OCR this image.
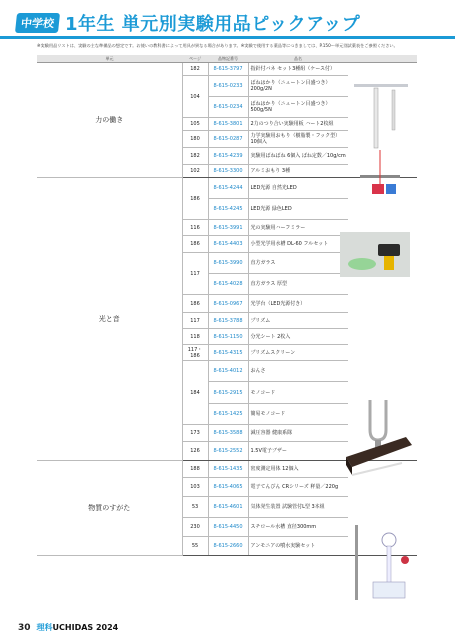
中学校 1年生 単元別実験用品ピックアップ
※実験用品リストは、実験の主な準備品の想定です。お使いの教科書によって用具が異なる場合があります。※実験で使用する薬品等につきましては、P.150～単元別試薬表をご参照ください。
単元	ページ	品物記番号	品名	
力の働き	182	8-615-3797	指針付バネ セット3種組（ケース付）	
	104	8-615-0233	ばねはかり（ニュートン目盛つき）200g/2N	
		8-615-0234	ばねはかり（ニュートン目盛つき）500g/5N	
	105	8-615-3801	2力のつり合い実験用板 ハート2枚組	
	180	8-615-0287	力学実験用おもり（樹脂製・フック型）10個入	
	182	8-615-4239	実験用ばねばね 6個入 ばね定数／10g/cm	
	102	8-615-3300	アルミおもり 3種	
光と音	186	8-615-4244	LED光源 自然光LED	
		8-615-4245	LED光源 緑色LED	
	116	8-615-3991	光の実験用ハーフミラー	
	186	8-615-4403	小型光学用水槽 DL-60 フルセット	
	117	8-615-3990	直方ガラス	
		8-615-4028	直方ガラス 厚型	
	186	8-615-0967	光学台（LED光源付き）	
	117	8-615-3788	プリズム	
	118	8-615-1150	分光シート 2枚入	
	117・186	8-615-4315	プリズムスクリーン	
	184	8-615-4012	おんさ	
		8-615-2915	モノコード	
		8-615-1425	簡易モノコード	
	173	8-615-3588	減圧容器 健康系隊	
	126	8-615-2552	1.5V電子ブザー	
物質のすがた	188	8-615-1435	密度測定用体 12個入	
	103	8-615-4065	電子てんびん CRシリーズ 秤量／220g	
	53	8-615-4601	気体発生装置 試験管付L型 3本組	
	230	8-615-4450	スチロール水槽 直径300mm	
	55	8-615-2660	アンモニアの噴水実験セット	
30 理科UCHIDAS 2024
